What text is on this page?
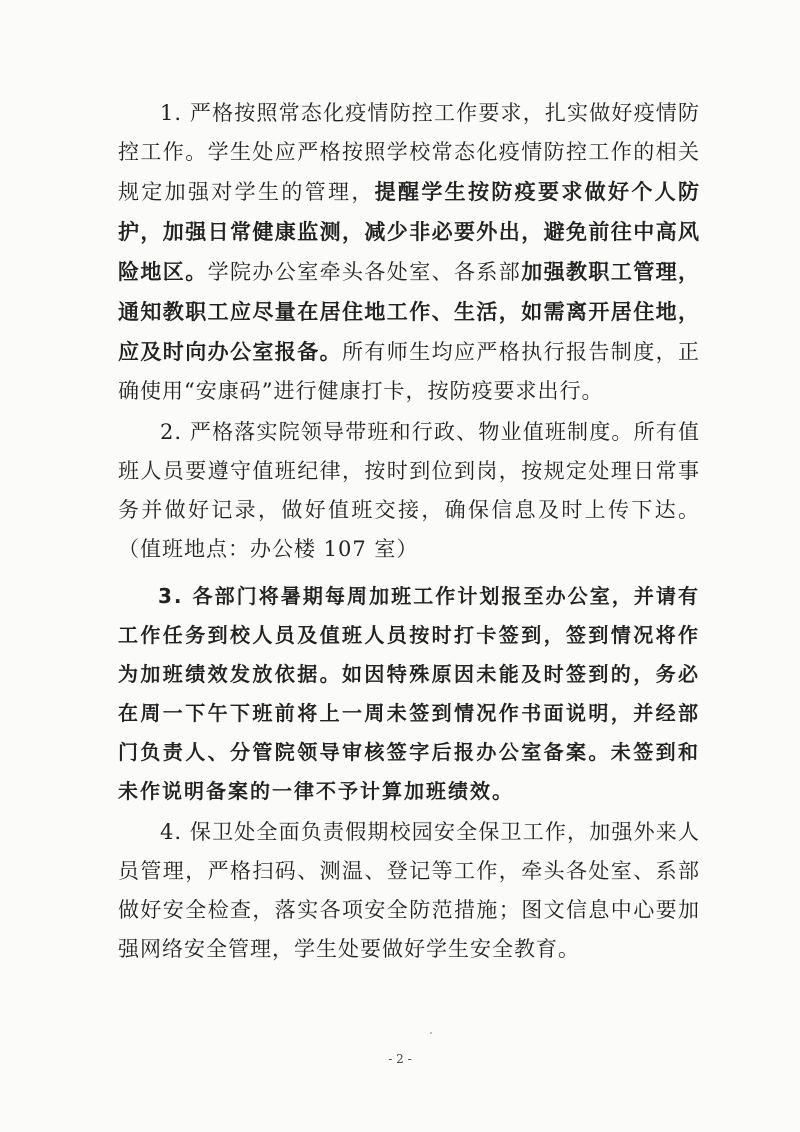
1. 严格按照常态化疫情防控工作要求，扎实做好疫情防控工作。学生处应严格按照学校常态化疫情防控工作的相关规定加强对学生的管理，提醒学生按防疫要求做好个人防护，加强日常健康监测，减少非必要外出，避免前往中高风险地区。学院办公室牵头各处室、各系部加强教职工管理，通知教职工应尽量在居住地工作、生活，如需离开居住地，应及时向办公室报备。所有师生均应严格执行报告制度，正确使用“安康码”进行健康打卡，按防疫要求出行。

2. 严格落实院领导带班和行政、物业值班制度。所有值班人员要遵守值班纪律，按时到位到岗，按规定处理日常事务并做好记录，做好值班交接，确保信息及时上传下达。（值班地点：办公楼 107 室）

3. 各部门将暑期每周加班工作计划报至办公室，并请有工作任务到校人员及值班人员按时打卡签到，签到情况将作为加班绩效发放依据。如因特殊原因未能及时签到的，务必在周一下午下班前将上一周未签到情况作书面说明，并经部门负责人、分管院领导审核签字后报办公室备案。未签到和未作说明备案的一律不予计算加班绩效。

4. 保卫处全面负责假期校园安全保卫工作，加强外来人员管理，严格扫码、测温、登记等工作，牵头各处室、系部做好安全检查，落实各项安全防范措施；图文信息中心要加强网络安全管理，学生处要做好学生安全教育。

- 2 -
